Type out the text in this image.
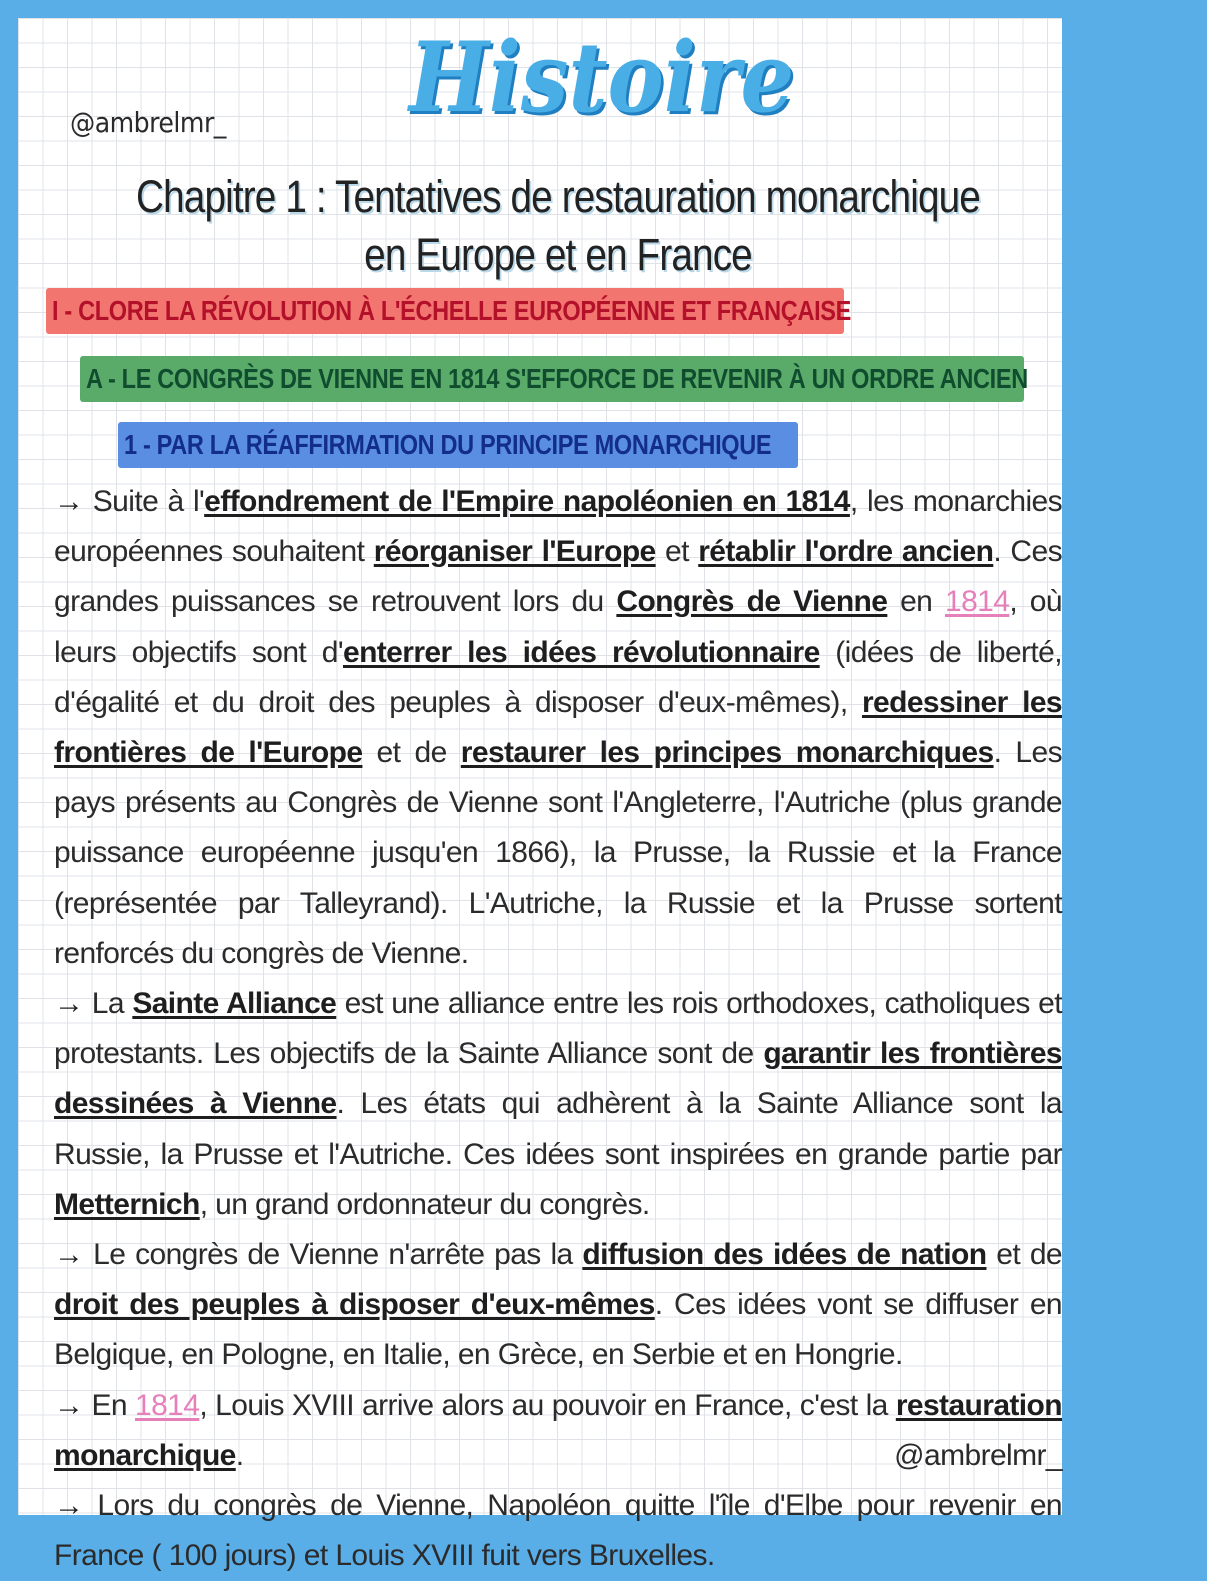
@ambrelmr_ Histoire
Chapitre 1 : Tentatives de restauration monarchique en Europe et en France
I - CLORE LA RÉVOLUTION À L'ÉCHELLE EUROPÉENNE ET FRANÇAISE
A - LE CONGRÈS DE VIENNE EN 1814 S'EFFORCE DE REVENIR À UN ORDRE ANCIEN
1 - PAR LA RÉAFFIRMATION DU PRINCIPE MONARCHIQUE

→ Suite à l'effondrement de l'Empire napoléonien en 1814, les monarchies européennes souhaitent réorganiser l'Europe et rétablir l'ordre ancien. Ces grandes puissances se retrouvent lors du Congrès de Vienne en 1814, où leurs objectifs sont d'enterrer les idées révolutionnaire (idées de liberté, d'égalité et du droit des peuples à disposer d'eux-mêmes), redessiner les frontières de l'Europe et de restaurer les principes monarchiques. Les pays présents au Congrès de Vienne sont l'Angleterre, l'Autriche (plus grande puissance européenne jusqu'en 1866), la Prusse, la Russie et la France (représentée par Talleyrand). L'Autriche, la Russie et la Prusse sortent renforcés du congrès de Vienne.

→ La Sainte Alliance est une alliance entre les rois orthodoxes, catholiques et protestants. Les objectifs de la Sainte Alliance sont de garantir les frontières dessinées à Vienne. Les états qui adhèrent à la Sainte Alliance sont la Russie, la Prusse et l'Autriche. Ces idées sont inspirées en grande partie par Metternich, un grand ordonnateur du congrès.

→ Le congrès de Vienne n'arrête pas la diffusion des idées de nation et de droit des peuples à disposer d'eux-mêmes. Ces idées vont se diffuser en Belgique, en Pologne, en Italie, en Grèce, en Serbie et en Hongrie.

→ En 1814, Louis XVIII arrive alors au pouvoir en France, c'est la restauration monarchique.	@ambrelmr_

→ Lors du congrès de Vienne, Napoléon quitte l'île d'Elbe pour revenir en France ( 100 jours) et Louis XVIII fuit vers Bruxelles.
